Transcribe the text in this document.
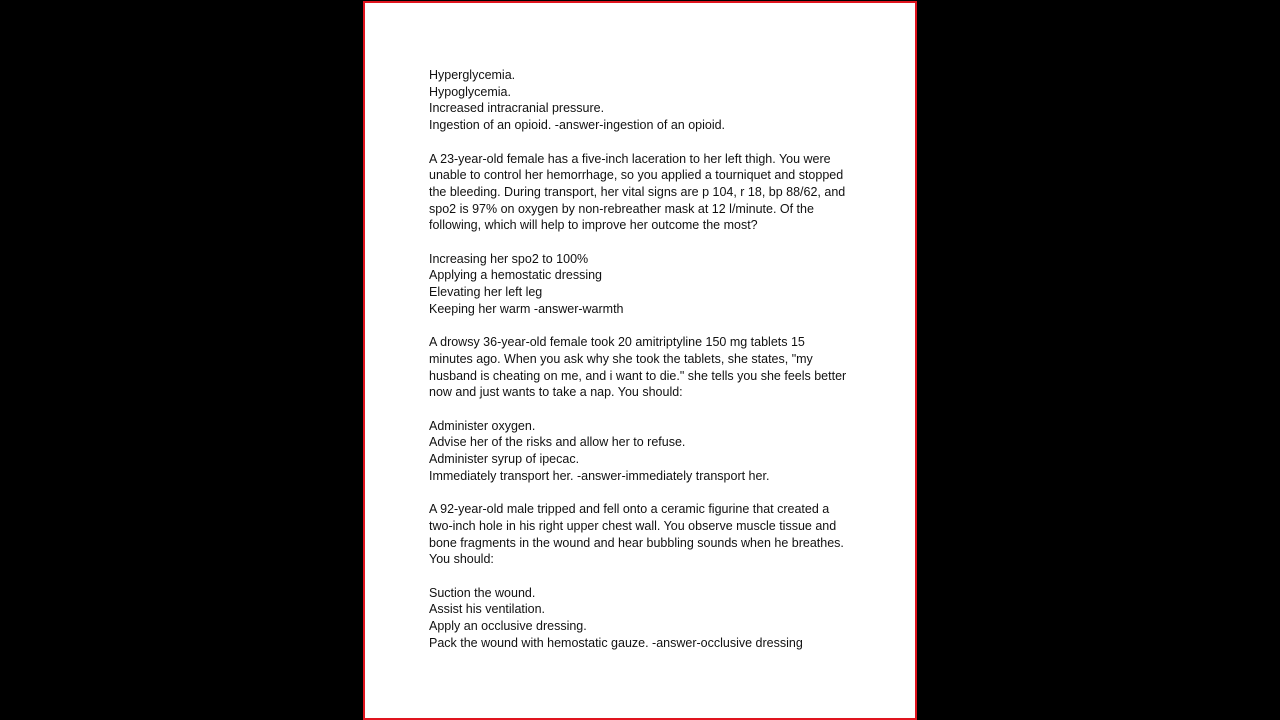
Hyperglycemia.
Hypoglycemia.
Increased intracranial pressure.
Ingestion of an opioid. -answer-ingestion of an opioid.
A 23-year-old female has a five-inch laceration to her left thigh. You were
unable to control her hemorrhage, so you applied a tourniquet and stopped
the bleeding. During transport, her vital signs are p 104, r 18, bp 88/62, and
spo2 is 97% on oxygen by non-rebreather mask at 12 l/minute. Of the
following, which will help to improve her outcome the most?
Increasing her spo2 to 100%
Applying a hemostatic dressing
Elevating her left leg
Keeping her warm -answer-warmth
A drowsy 36-year-old female took 20 amitriptyline 150 mg tablets 15
minutes ago. When you ask why she took the tablets, she states, "my
husband is cheating on me, and i want to die." she tells you she feels better
now and just wants to take a nap. You should:
Administer oxygen.
Advise her of the risks and allow her to refuse.
Administer syrup of ipecac.
Immediately transport her. -answer-immediately transport her.
A 92-year-old male tripped and fell onto a ceramic figurine that created a
two-inch hole in his right upper chest wall. You observe muscle tissue and
bone fragments in the wound and hear bubbling sounds when he breathes.
You should:
Suction the wound.
Assist his ventilation.
Apply an occlusive dressing.
Pack the wound with hemostatic gauze. -answer-occlusive dressing
